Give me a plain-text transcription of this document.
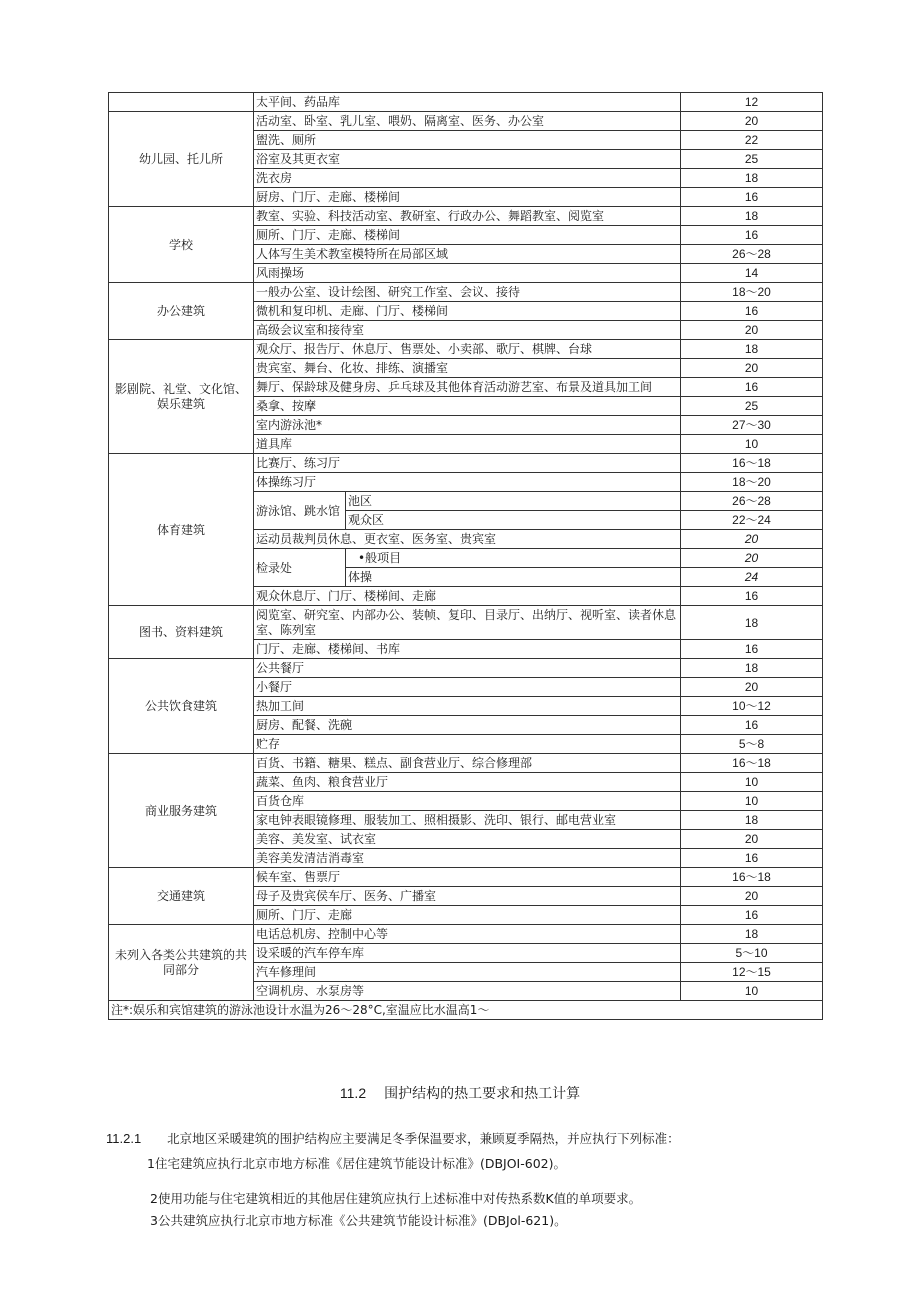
	太平间、药品库		12
幼儿园、托儿所	活动室、卧室、乳儿室、喂奶、隔离室、医务、办公室		20
	盥洗、厕所		22
	浴室及其更衣室		25
	洗衣房		18
	厨房、门厅、走廊、楼梯间		16
学校	教室、实验、科技活动室、教研室、行政办公、舞蹈教室、阅览室		18
	厕所、门厅、走廊、楼梯间		16
	人体写生美术教室模特所在局部区域		26～28
	风雨操场		14
办公建筑	一般办公室、设计绘图、研究工作室、会议、接待		18～20
	微机和复印机、走廊、门厅、楼梯间		16
	高级会议室和接待室		20
影剧院、礼堂、文化馆、娱乐建筑	观众厅、报告厅、休息厅、售票处、小卖部、歌厅、棋牌、台球		18
	贵宾室、舞台、化妆、排练、演播室		20
	舞厅、保龄球及健身房、乒乓球及其他体育活动游艺室、布景及道具加工间		16
	桑拿、按摩		25
	室内游泳池*		27～30
	道具库		10
体育建筑	比赛厅、练习厅		16～18
	体操练习厅		18～20
	游泳馆、跳水馆	池区	26～28
		观众区	22～24
	运动员裁判员休息、更衣室、医务室、贵宾室		20
	检录处	•般项目	20
		体操	24
	观众休息厅、门厅、楼梯间、走廊		16
图书、资料建筑	阅览室、研究室、内部办公、装帧、复印、目录厅、出纳厅、视听室、读者休息室、陈列室		18
	门厅、走廊、楼梯间、书库		16
公共饮食建筑	公共餐厅		18
	小餐厅		20
	热加工间		10～12
	厨房、配餐、洗碗		16
	贮存		5～8
商业服务建筑	百货、书籍、糖果、糕点、副食营业厅、综合修理部		16～18
	蔬菜、鱼肉、粮食营业厅		10
	百货仓库		10
	家电钟表眼镜修理、服装加工、照相摄影、洗印、银行、邮电营业室		18
	美容、美发室、试衣室		20
	美容美发清洁消毒室		16
交通建筑	候车室、售票厅		16～18
	母子及贵宾侯车厅、医务、广播室		20
	厕所、门厅、走廊		16
未列入各类公共建筑的共同部分	电话总机房、控制中心等		18
	设采暖的汽车停车库		5～10
	汽车修理间		12～15
	空调机房、水泵房等		10
注*:娱乐和宾馆建筑的游泳池设计水温为26～28°C,室温应比水温高1～			
11.2 围护结构的热工要求和热工计算
11.2.1 北京地区采暖建筑的围护结构应主要满足冬季保温要求，兼顾夏季隔热，并应执行下列标准：
1住宅建筑应执行北京市地方标准《居住建筑节能设计标准》(DBJOI-602)。
2使用功能与住宅建筑相近的其他居住建筑应执行上述标准中对传热系数K值的单项要求。
3公共建筑应执行北京市地方标准《公共建筑节能设计标准》(DBJol-621)。
